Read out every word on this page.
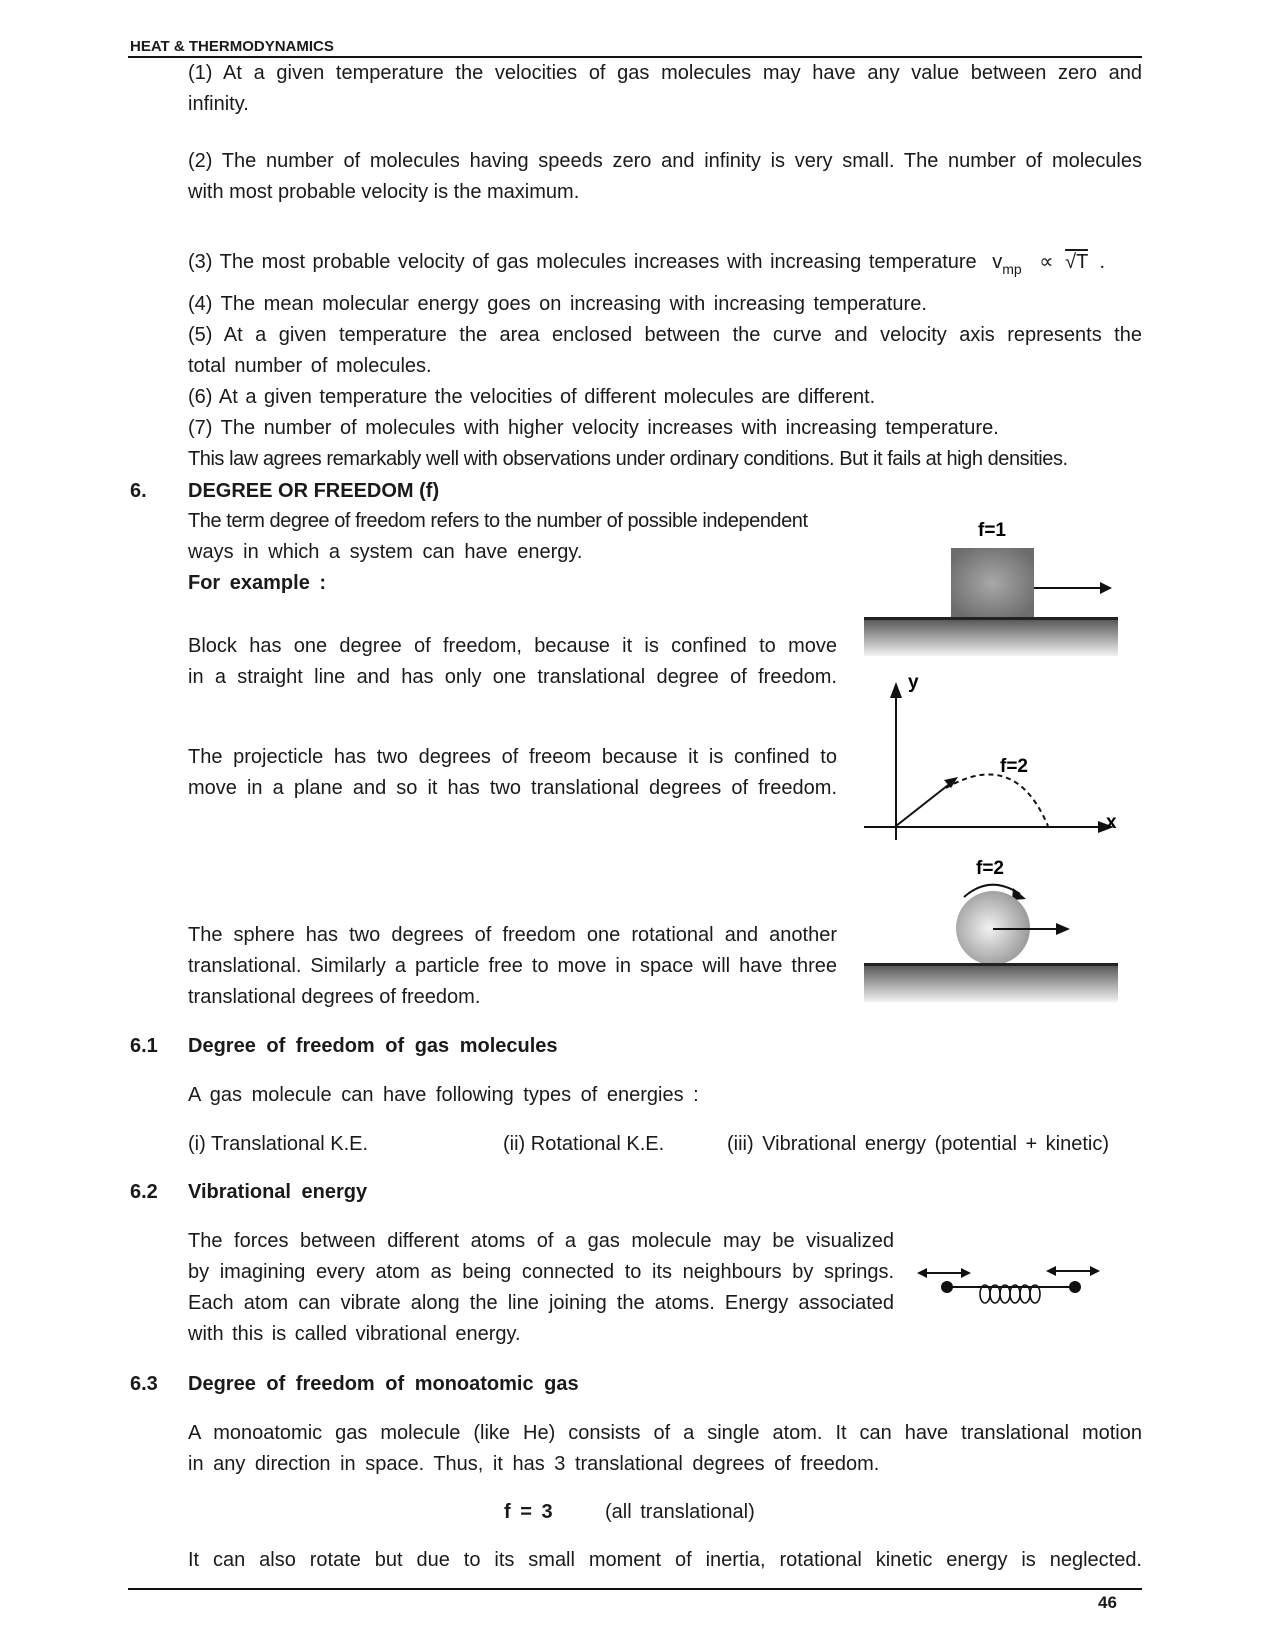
HEAT & THERMODYNAMICS
(1) At a given temperature the velocities of gas molecules may have any value between zero and
infinity.
(2) The number of molecules having speeds zero and infinity is very small. The number of molecules
with most probable velocity is the maximum.
(3) The most probable velocity of gas molecules increases with increasing temperature $v_{mp} \propto √T$ .
(4) The mean molecular energy goes on increasing with increasing temperature.
(5) At a given temperature the area enclosed between the curve and velocity axis represents the
total number of molecules.
(6) At a given temperature the velocities of different molecules are different.
(7) The number of molecules with higher velocity increases with increasing temperature.
This law agrees remarkably well with observations under ordinary conditions. But it fails at high densities.
6. DEGREE OR FREEDOM (f)
The term degree of freedom refers to the number of possible independent
ways in which a system can have energy.
For example :
Block has one degree of freedom, because it is confined to move
in a straight line and has only one translational degree of freedom.
The projecticle has two degrees of freeom because it is confined to
move in a plane and so it has two translational degrees of freedom.
The sphere has two degrees of freedom one rotational and another
translational. Similarly a particle free to move in space will have three
translational degrees of freedom.
f=1
y
x
f=2
f=2
6.1 Degree of freedom of gas molecules
A gas molecule can have following types of energies :
(i) Translational K.E.	(ii) Rotational K.E.	(iii) Vibrational energy (potential + kinetic)
6.2 Vibrational energy
The forces between different atoms of a gas molecule may be visualized
by imagining every atom as being connected to its neighbours by springs.
Each atom can vibrate along the line joining the atoms. Energy associated
with this is called vibrational energy.
6.3 Degree of freedom of monoatomic gas
A monoatomic gas molecule (like He) consists of a single atom. It can have translational motion
in any direction in space. Thus, it has 3 translational degrees of freedom.
f = 3	(all translational)
It can also rotate but due to its small moment of inertia, rotational kinetic energy is neglected.
46
